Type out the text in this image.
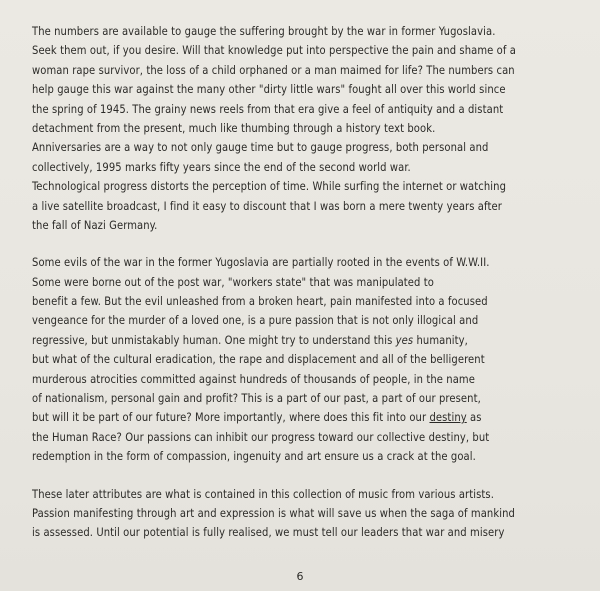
The numbers are available to gauge the suffering brought by the war in former Yugoslavia.
Seek them out, if you desire. Will that knowledge put into perspective the pain and shame of a
woman rape survivor, the loss of a child orphaned or a man maimed for life? The numbers can
help gauge this war against the many other "dirty little wars" fought all over this world since
the spring of 1945. The grainy news reels from that era give a feel of antiquity and a distant
detachment from the present, much like thumbing through a history text book.
Anniversaries are a way to not only gauge time but to gauge progress, both personal and
collectively, 1995 marks fifty years since the end of the second world war.
Technological progress distorts the perception of time. While surfing the internet or watching
a live satellite broadcast, I find it easy to discount that I was born a mere twenty years after
the fall of Nazi Germany.

Some evils of the war in the former Yugoslavia are partially rooted in the events of W.W.II.
Some were borne out of the post war, "workers state" that was manipulated to
benefit a few. But the evil unleashed from a broken heart, pain manifested into a focused
vengeance for the murder of a loved one, is a pure passion that is not only illogical and
regressive, but unmistakably human. One might try to understand this yes humanity,
but what of the cultural eradication, the rape and displacement and all of the belligerent
murderous atrocities committed against hundreds of thousands of people, in the name
of nationalism, personal gain and profit? This is a part of our past, a part of our present,
but will it be part of our future? More importantly, where does this fit into our destiny as
the Human Race? Our passions can inhibit our progress toward our collective destiny, but
redemption in the form of compassion, ingenuity and art ensure us a crack at the goal.

These later attributes are what is contained in this collection of music from various artists.
Passion manifesting through art and expression is what will save us when the saga of mankind
is assessed. Until our potential is fully realised, we must tell our leaders that war and misery

6
